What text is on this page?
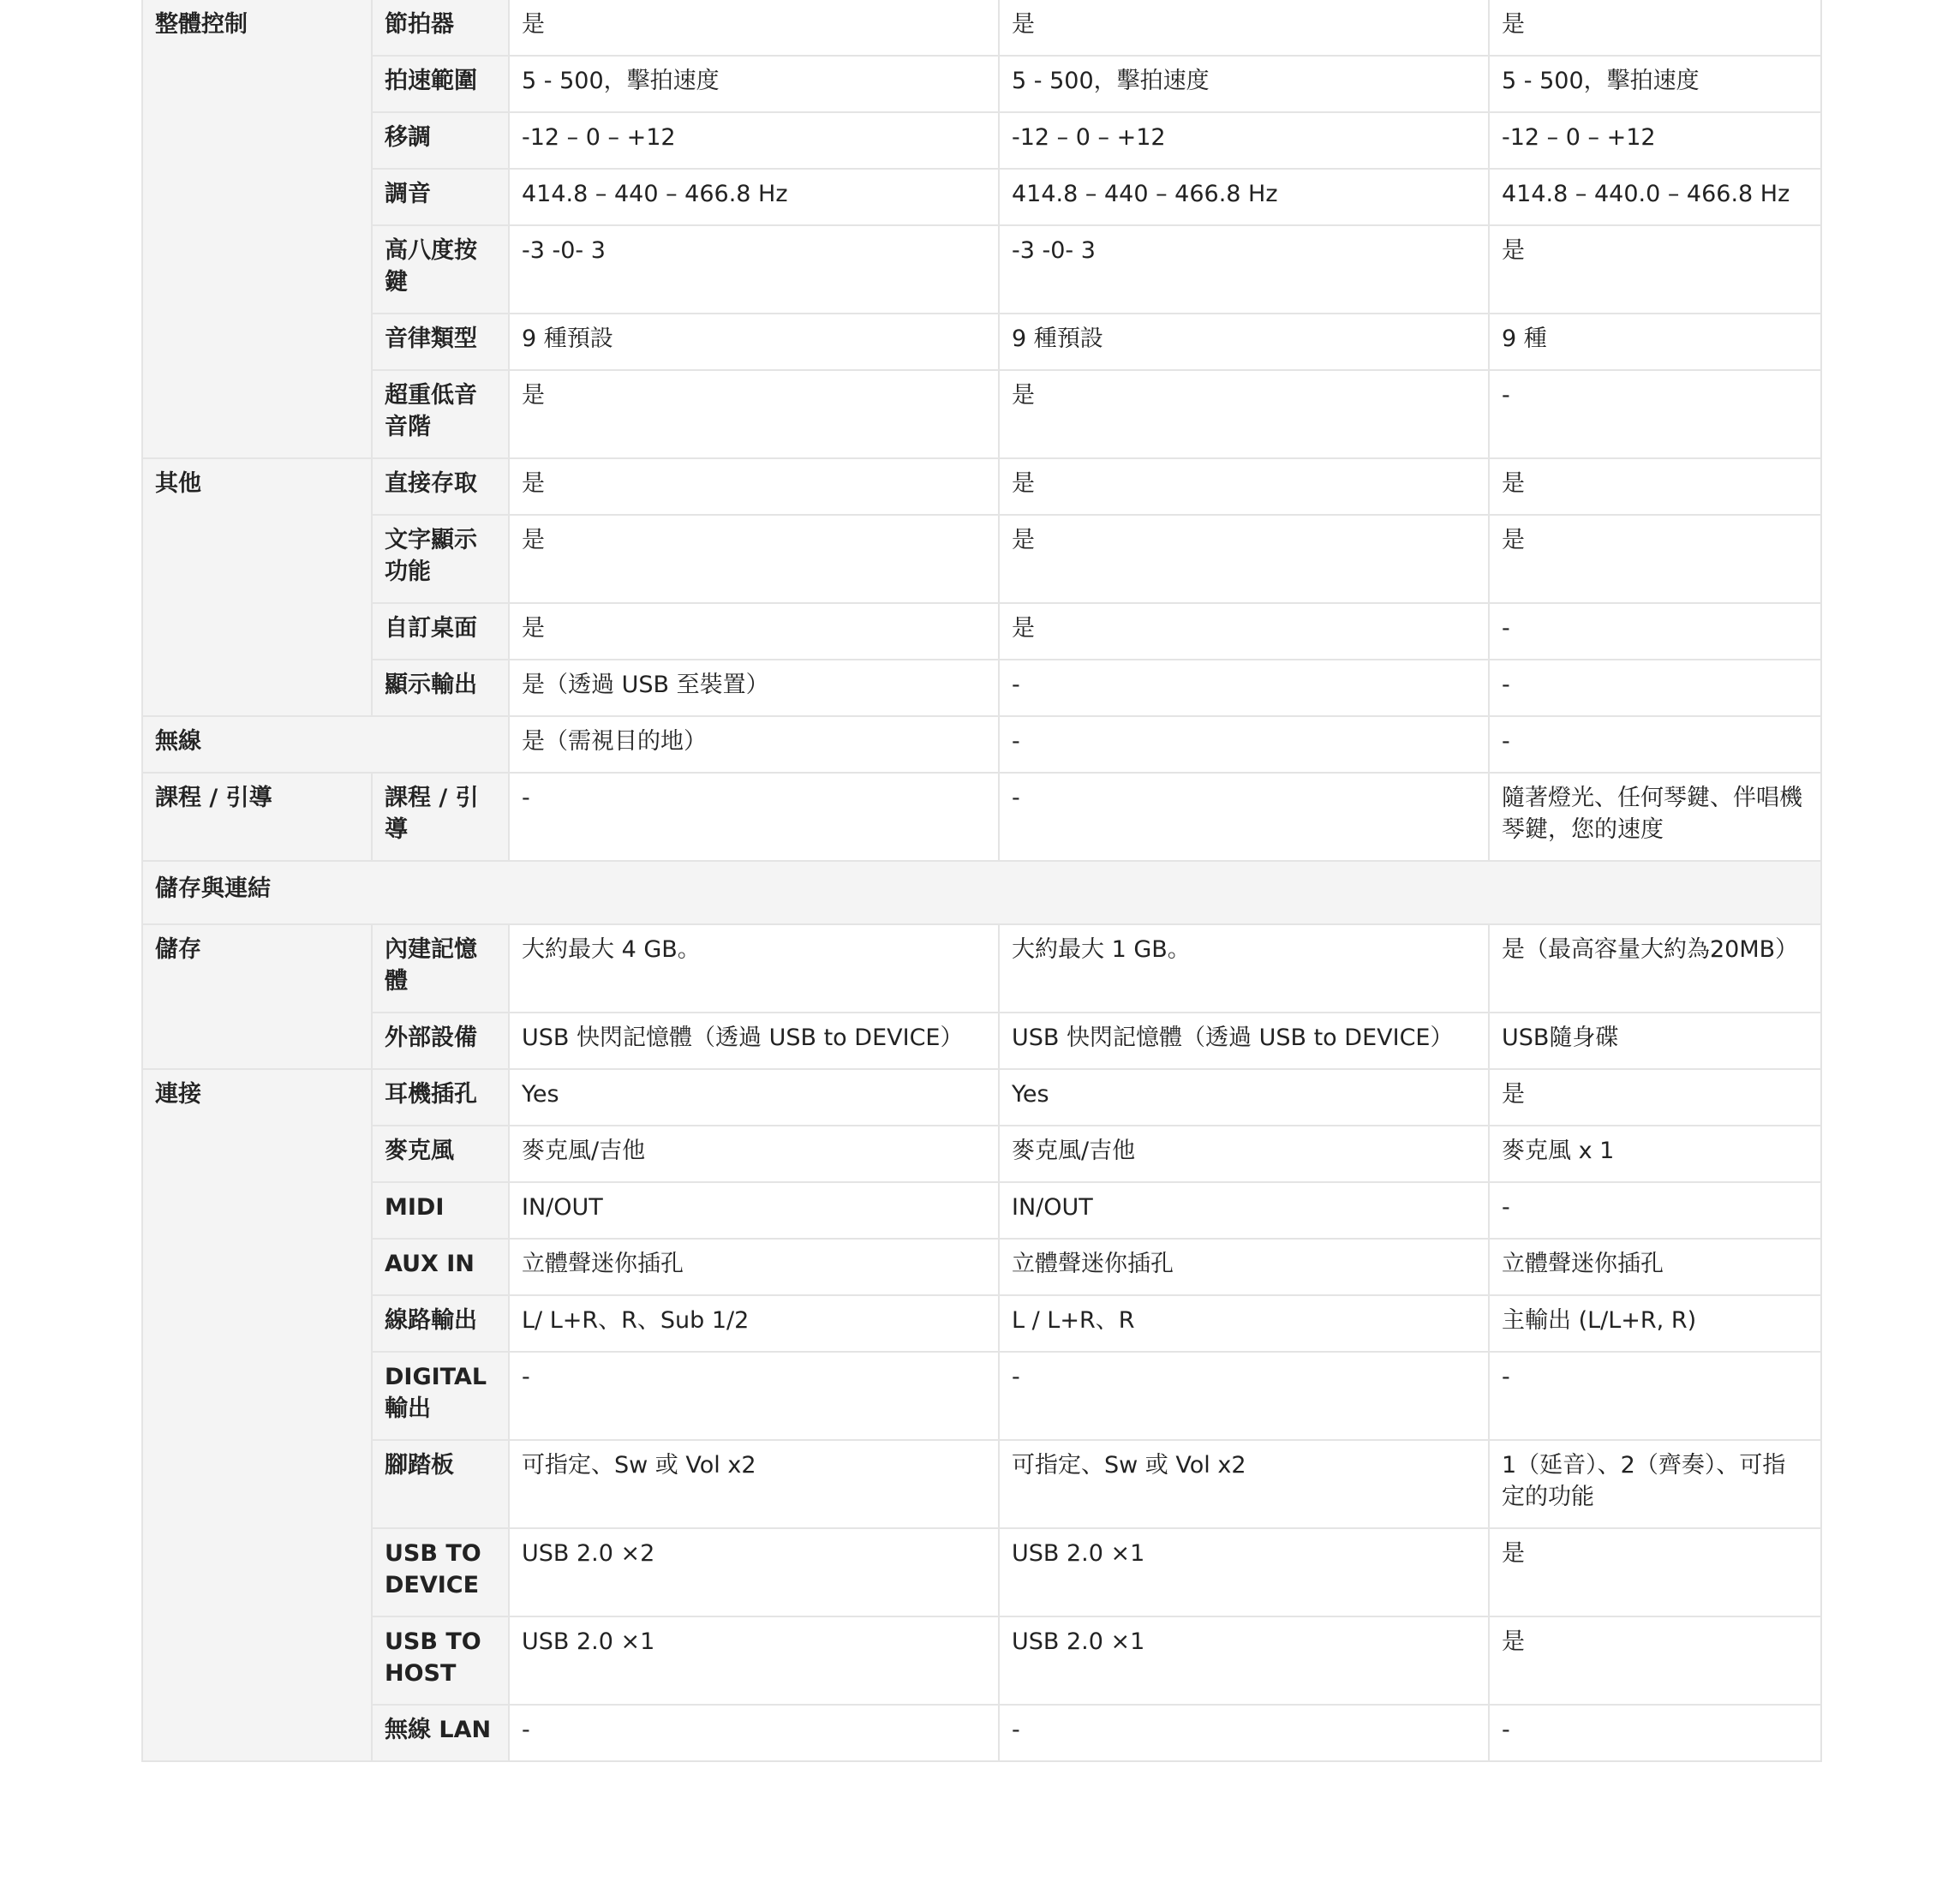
整體控制	節拍器	是	是	是
	拍速範圍	5 - 500，擊拍速度	5 - 500，擊拍速度	5 - 500，擊拍速度
	移調	-12 – 0 – +12	-12 – 0 – +12	-12 – 0 – +12
	調音	414.8 – 440 – 466.8 Hz	414.8 – 440 – 466.8 Hz	414.8 – 440.0 – 466.8 Hz
	高八度按鍵	-3 -0- 3	-3 -0- 3	是
	音律類型	9 種預設	9 種預設	9 種
	超重低音音階	是	是	-
其他	直接存取	是	是	是
	文字顯示功能	是	是	是
	自訂桌面	是	是	-
	顯示輸出	是（透過 USB 至裝置）	-	-
無線		是（需視目的地）	-	-
課程 / 引導	課程 / 引導	-	-	隨著燈光、任何琴鍵、伴唱機琴鍵，您的速度
儲存與連結				
儲存	內建記憶體	大約最大 4 GB。	大約最大 1 GB。	是（最高容量大約為20MB）
	外部設備	USB 快閃記憶體（透過 USB to DEVICE）	USB 快閃記憶體（透過 USB to DEVICE）	USB隨身碟
連接	耳機插孔	Yes	Yes	是
	麥克風	麥克風/吉他	麥克風/吉他	麥克風 x 1
	MIDI	IN/OUT	IN/OUT	-
	AUX IN	立體聲迷你插孔	立體聲迷你插孔	立體聲迷你插孔
	線路輸出	L/ L+R、R、Sub 1/2	L / L+R、R	主輸出 (L/L+R, R)
	DIGITAL 輸出	-	-	-
	腳踏板	可指定、Sw 或 Vol x2	可指定、Sw 或 Vol x2	1（延音）、2（齊奏）、可指定的功能
	USB TO DEVICE	USB 2.0 ×2	USB 2.0 ×1	是
	USB TO HOST	USB 2.0 ×1	USB 2.0 ×1	是
	無線 LAN	-	-	-
